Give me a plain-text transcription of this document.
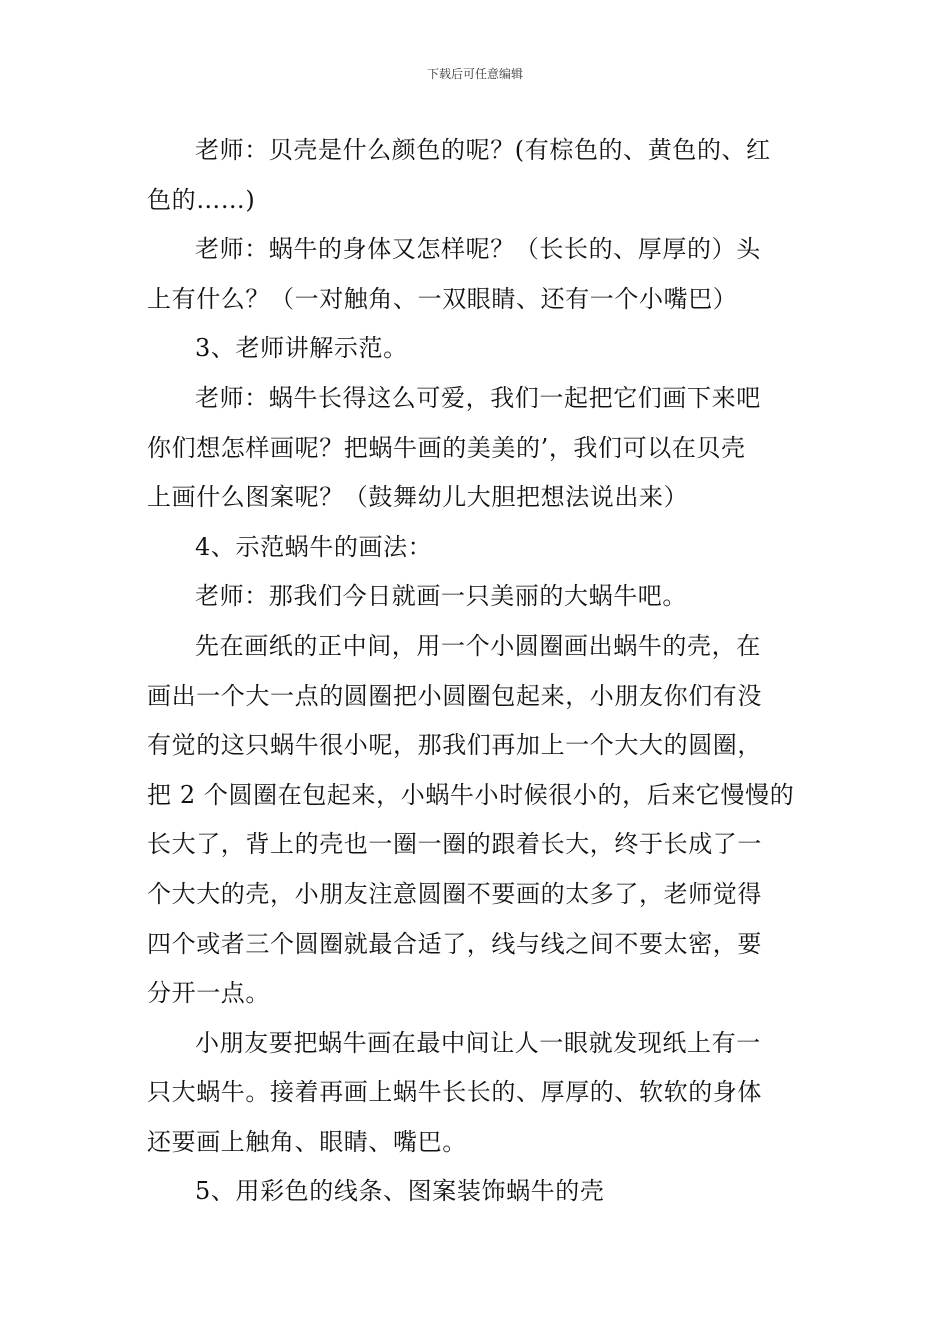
下载后可任意编辑

老师：贝壳是什么颜色的呢？(有棕色的、黄色的、红
色的……)

老师：蜗牛的身体又怎样呢？（长长的、厚厚的）头
上有什么？（一对触角、一双眼睛、还有一个小嘴巴）

3、老师讲解示范。

老师：蜗牛长得这么可爱，我们一起把它们画下来吧
你们想怎样画呢？把蜗牛画的美美的’，我们可以在贝壳
上画什么图案呢？（鼓舞幼儿大胆把想法说出来）

4、示范蜗牛的画法：

老师：那我们今日就画一只美丽的大蜗牛吧。

先在画纸的正中间，用一个小圆圈画出蜗牛的壳，在
画出一个大一点的圆圈把小圆圈包起来，小朋友你们有没
有觉的这只蜗牛很小呢，那我们再加上一个大大的圆圈，
把 2 个圆圈在包起来，小蜗牛小时候很小的，后来它慢慢的
长大了，背上的壳也一圈一圈的跟着长大，终于长成了一
个大大的壳，小朋友注意圆圈不要画的太多了，老师觉得
四个或者三个圆圈就最合适了，线与线之间不要太密，要
分开一点。

小朋友要把蜗牛画在最中间让人一眼就发现纸上有一
只大蜗牛。接着再画上蜗牛长长的、厚厚的、软软的身体
还要画上触角、眼睛、嘴巴。

5、用彩色的线条、图案装饰蜗牛的壳
